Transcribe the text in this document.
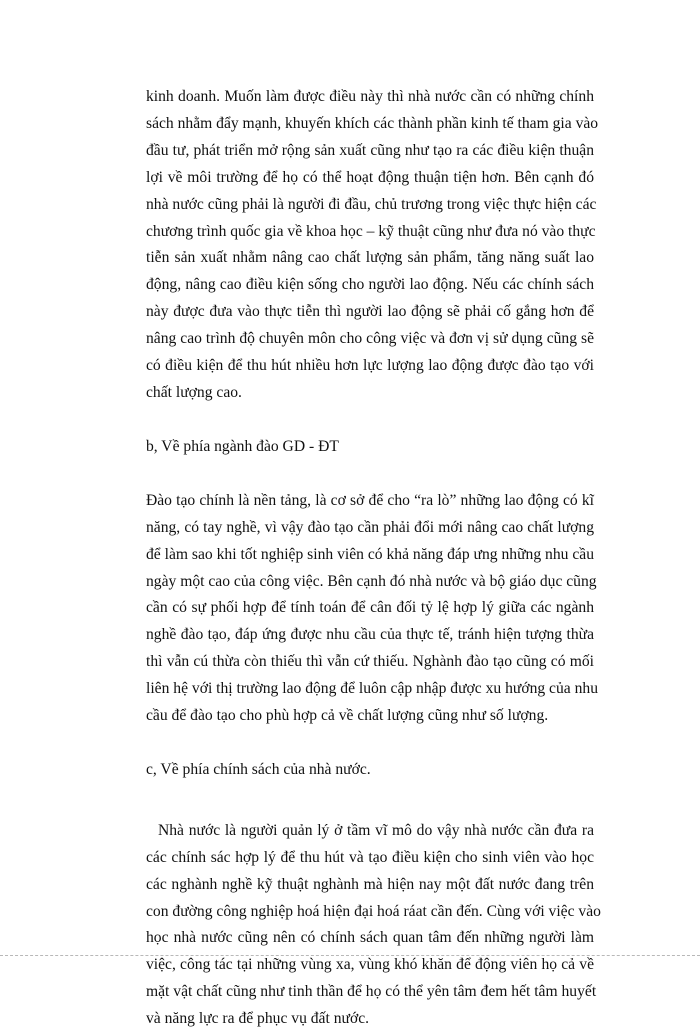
kinh doanh. Muốn làm được điều này thì nhà nước cần có những chính
sách nhằm đẩy mạnh, khuyến khích các thành phần kinh tế tham gia vào
đầu tư, phát triển mở rộng sản xuất cũng như tạo ra các điều kiện thuận
lợi về môi trường để họ có thể hoạt động thuận tiện hơn. Bên cạnh đó
nhà nước cũng phải là người đi đầu, chủ trương trong việc thực hiện các
chương trình quốc gia về khoa học – kỹ thuật cũng như đưa nó vào thực
tiễn sản xuất nhằm nâng cao chất lượng sản phẩm, tăng năng suất lao
động, nâng cao điều kiện sống cho người lao động. Nếu các chính sách
này được đưa vào thực tiễn thì người lao động sẽ phải cố gắng hơn để
nâng cao trình độ chuyên môn cho công việc và đơn vị sử dụng cũng sẽ
có điều kiện để thu hút nhiều hơn lực lượng lao động được đào tạo với
chất lượng cao.

b, Về phía ngành đào GD - ĐT

Đào tạo chính là nền tảng, là cơ sở để cho “ra lò” những lao động có kĩ
năng, có tay nghề, vì vậy đào tạo cần phải đổi mới nâng cao chất lượng
để làm sao khi tốt nghiệp sinh viên có khả năng đáp ưng những nhu cầu
ngày một cao của công việc. Bên cạnh đó nhà nước và bộ giáo dục cũng
cần có sự phối hợp để tính toán để cân đối tỷ lệ hợp lý giữa các ngành
nghề đào tạo, đáp ứng được nhu cầu của thực tế, tránh hiện tượng thừa
thì vẫn cú thừa còn thiếu thì vẫn cứ thiếu. Nghành đào tạo cũng có mối
liên hệ với thị trường lao động để luôn cập nhập được xu hướng của nhu
cầu để đào tạo cho phù hợp cả về chất lượng cũng như số lượng.

c, Về phía chính sách của nhà nước.

Nhà nước là người quản lý ở tầm vĩ mô do vậy nhà nước cần đưa ra
các chính sác hợp lý để thu hút và tạo điều kiện cho sinh viên vào học
các nghành nghề kỹ thuật nghành mà hiện nay một đất nước đang trên
con đường công nghiệp hoá hiện đại hoá ráat cần đến. Cùng với việc vào
học nhà nước cũng nên có chính sách quan tâm đến những người làm
việc, công tác tại những vùng xa, vùng khó khăn để động viên họ cả về
mặt vật chất cũng như tinh thần để họ có thể yên tâm đem hết tâm huyết
và năng lực ra để phục vụ đất nước.
